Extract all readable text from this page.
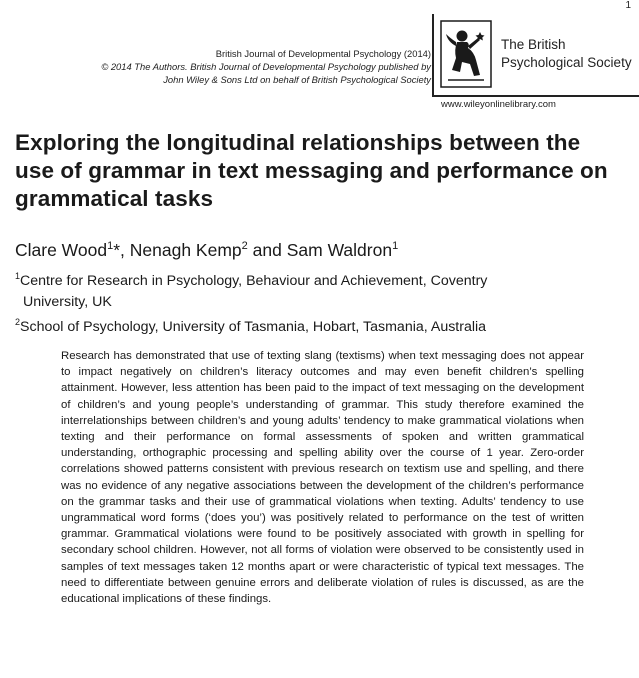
1
British Journal of Developmental Psychology (2014)
© 2014 The Authors. British Journal of Developmental Psychology published by
John Wiley & Sons Ltd on behalf of British Psychological Society
The British
Psychological Society
www.wileyonlinelibrary.com
Exploring the longitudinal relationships between the use of grammar in text messaging and performance on grammatical tasks
Clare Wood$^1$*, Nenagh Kemp$^2$ and Sam Waldron$^1$
$^1$Centre for Research in Psychology, Behaviour and Achievement, Coventry
University, UK
$^2$School of Psychology, University of Tasmania, Hobart, Tasmania, Australia

Research has demonstrated that use of texting slang (textisms) when text messaging does not appear to impact negatively on children’s literacy outcomes and may even benefit children’s spelling attainment. However, less attention has been paid to the impact of text messaging on the development of children’s and young people’s understanding of grammar. This study therefore examined the interrelationships between children’s and young adults’ tendency to make grammatical violations when texting and their performance on formal assessments of spoken and written grammatical understanding, orthographic processing and spelling ability over the course of 1 year. Zero-order correlations showed patterns consistent with previous research on textism use and spelling, and there was no evidence of any negative associations between the development of the children’s performance on the grammar tasks and their use of grammatical violations when texting. Adults’ tendency to use ungrammatical word forms (‘does you’) was positively related to performance on the test of written grammar. Grammatical violations were found to be positively associated with growth in spelling for secondary school children. However, not all forms of violation were observed to be consistently used in samples of text messages taken 12 months apart or were characteristic of typical text messages. The need to differentiate between genuine errors and deliberate violation of rules is discussed, as are the educational implications of these findings.
